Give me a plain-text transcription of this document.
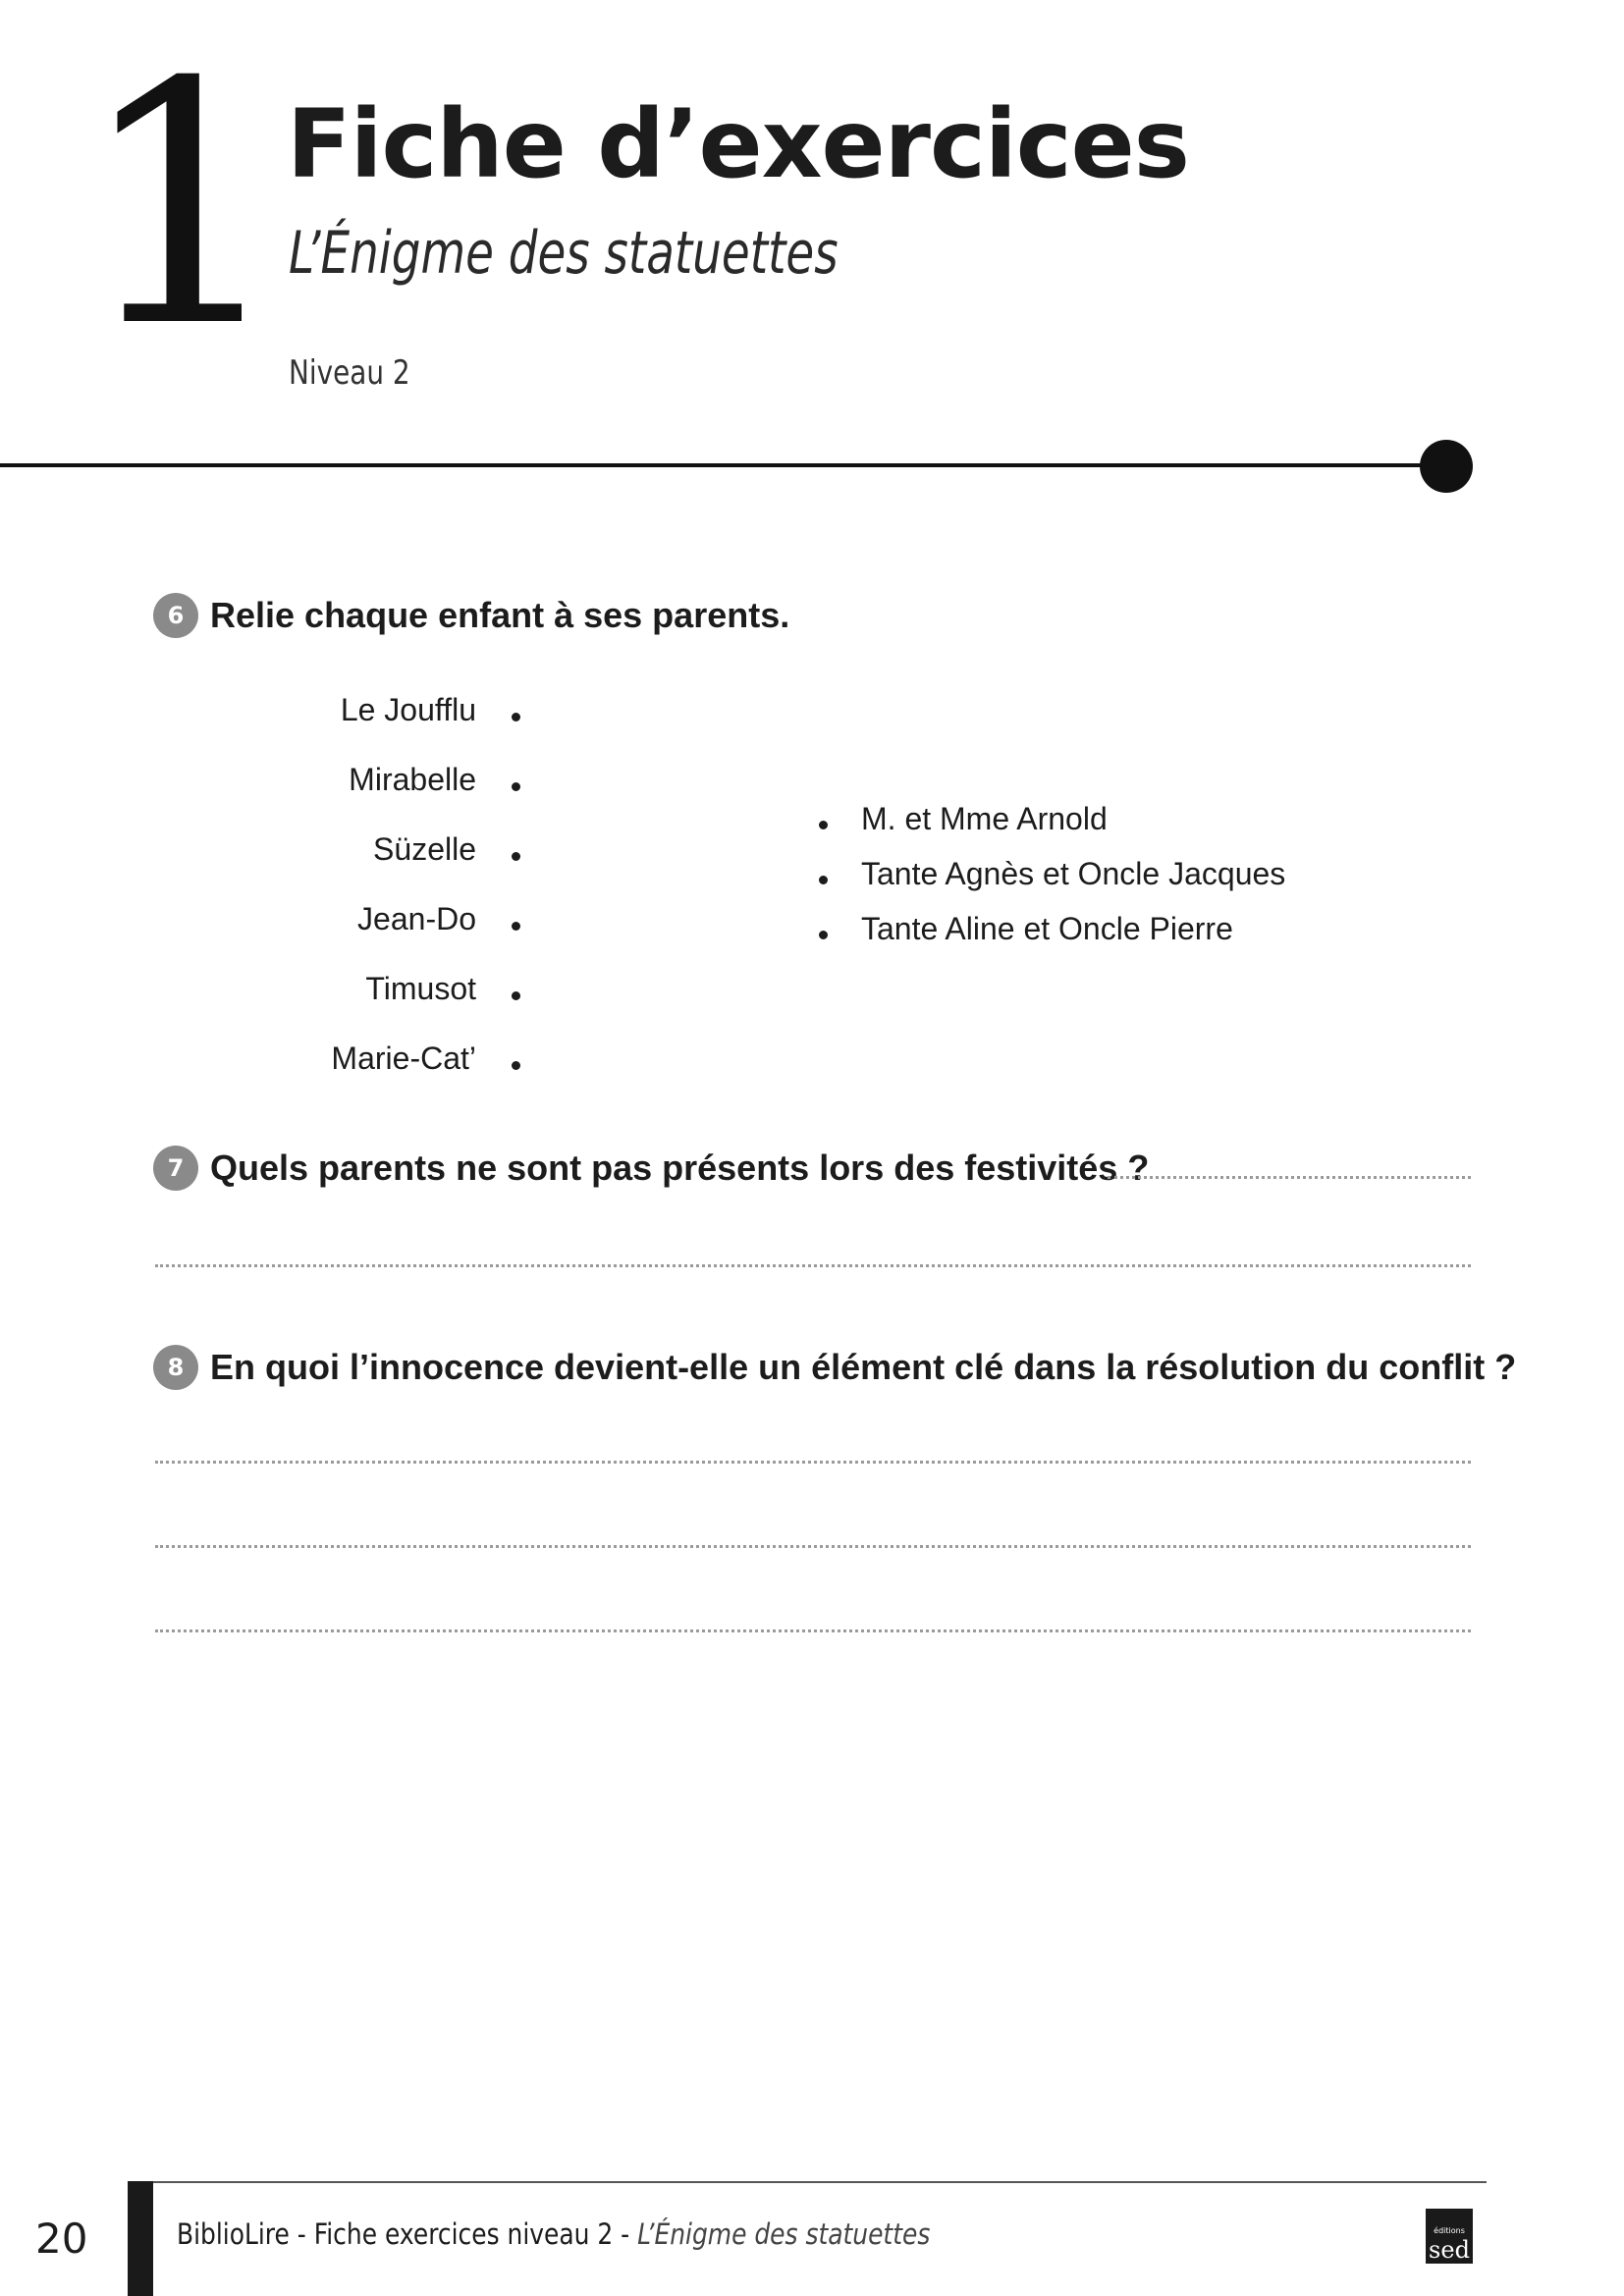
1 Fiche d’exercices
L’Énigme des statuettes
Niveau 2
6 Relie chaque enfant à ses parents.
Le Joufflu
Mirabelle
Süzelle
Jean-Do
Timusot
Marie-Cat’
M. et Mme Arnold
Tante Agnès et Oncle Jacques
Tante Aline et Oncle Pierre
7 Quels parents ne sont pas présents lors des festivités ?
8 En quoi l’innocence devient-elle un élément clé dans la résolution du conflit ?
20	BiblioLire - Fiche exercices niveau 2 - L’Énigme des statuettes	éditions
sed
